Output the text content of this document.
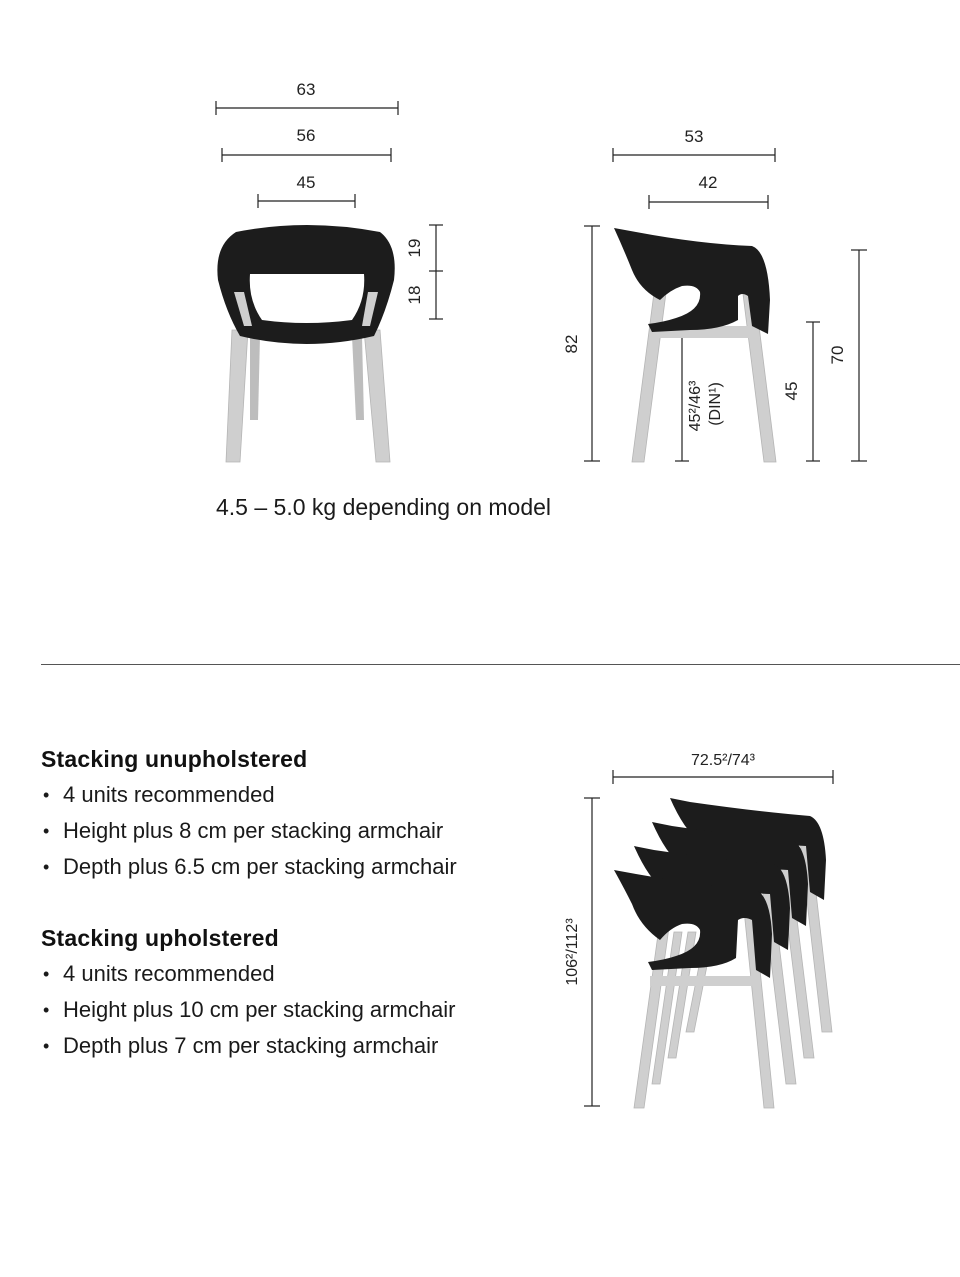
63
56
45
19
18
53
42
82
45²/46³ (DIN¹)	45
70
4.5 – 5.0 kg depending on model
Stacking unupholstered
• 4 units recommended
• Height plus 8 cm per stacking armchair
• Depth plus 6.5 cm per stacking armchair
Stacking upholstered
• 4 units recommended
• Height plus 10 cm per stacking armchair
• Depth plus 7 cm per stacking armchair
72.5²/74³
106²/112³
